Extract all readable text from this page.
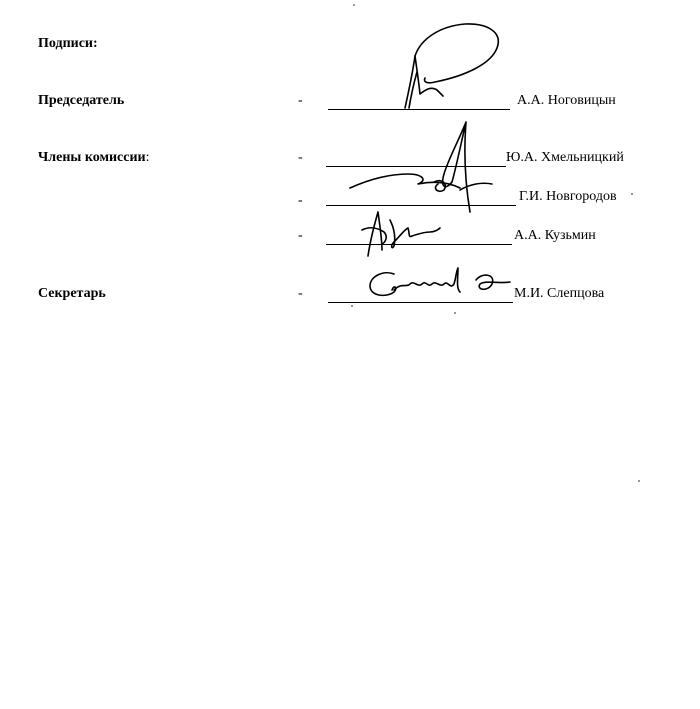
Подписи:
Председатель	-	А.А. Ноговицын
Члены комиссии:	-	Ю.А. Хмельницкий
-	Г.И. Новгородов
-	А.А. Кузьмин
Секретарь	-	М.И. Слепцова
